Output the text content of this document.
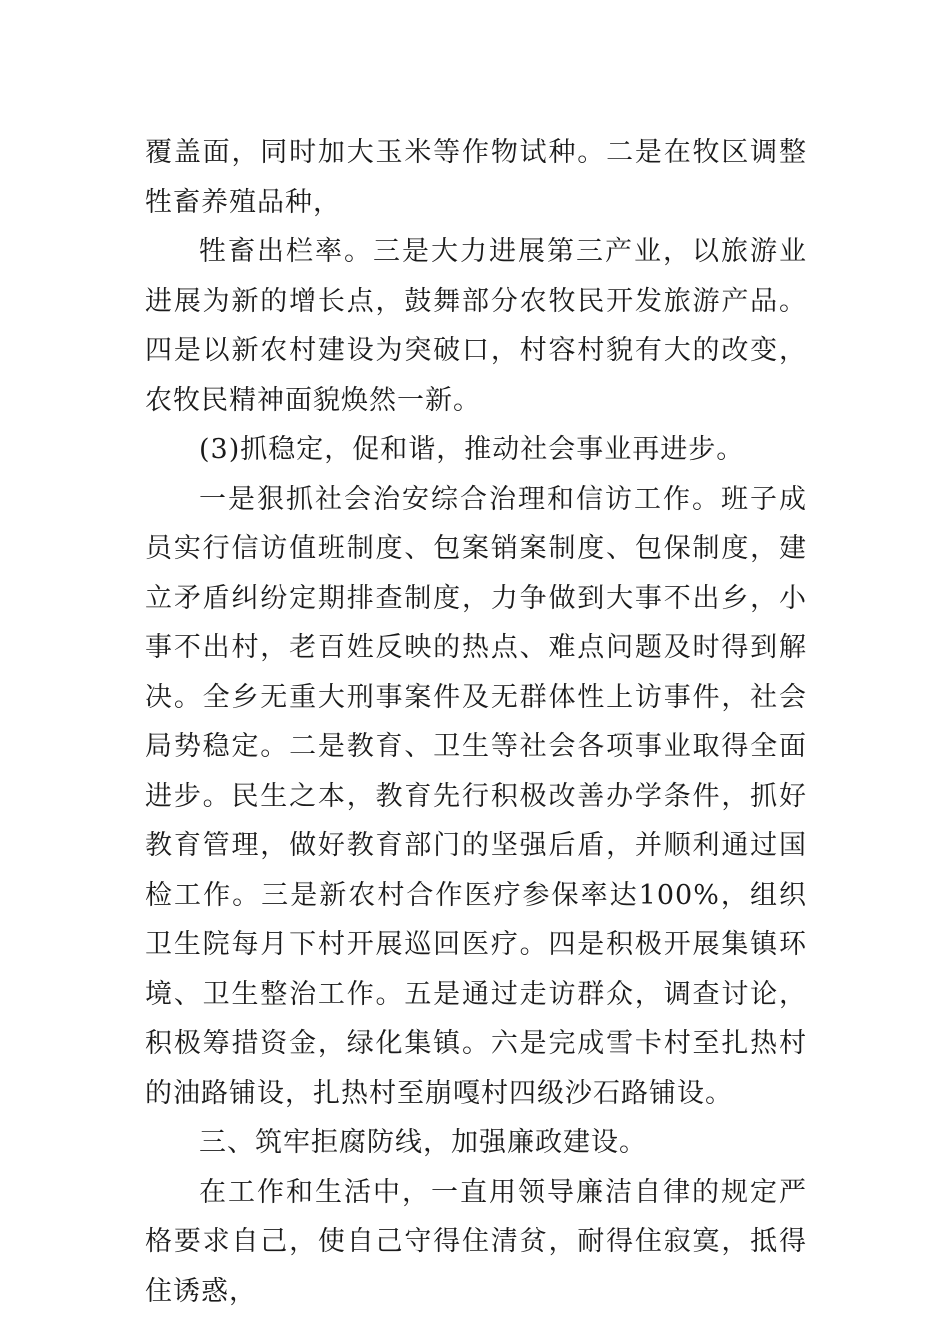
覆盖面，同时加大玉米等作物试种。二是在牧区调整牲畜养殖品种，

牲畜出栏率。三是大力进展第三产业，以旅游业进展为新的增长点，鼓舞部分农牧民开发旅游产品。四是以新农村建设为突破口，村容村貌有大的改变，农牧民精神面貌焕然一新。

(3)抓稳定，促和谐，推动社会事业再进步。

一是狠抓社会治安综合治理和信访工作。班子成员实行信访值班制度、包案销案制度、包保制度，建立矛盾纠纷定期排查制度，力争做到大事不出乡，小事不出村，老百姓反映的热点、难点问题及时得到解决。全乡无重大刑事案件及无群体性上访事件，社会局势稳定。二是教育、卫生等社会各项事业取得全面进步。民生之本，教育先行积极改善办学条件，抓好教育管理，做好教育部门的坚强后盾，并顺利通过国检工作。三是新农村合作医疗参保率达100%，组织卫生院每月下村开展巡回医疗。四是积极开展集镇环境、卫生整治工作。五是通过走访群众，调查讨论，积极筹措资金，绿化集镇。六是完成雪卡村至扎热村的油路铺设，扎热村至崩嘎村四级沙石路铺设。

三、筑牢拒腐防线，加强廉政建设。

在工作和生活中，一直用领导廉洁自律的规定严格要求自己，使自己守得住清贫，耐得住寂寞，抵得住诱惑，
